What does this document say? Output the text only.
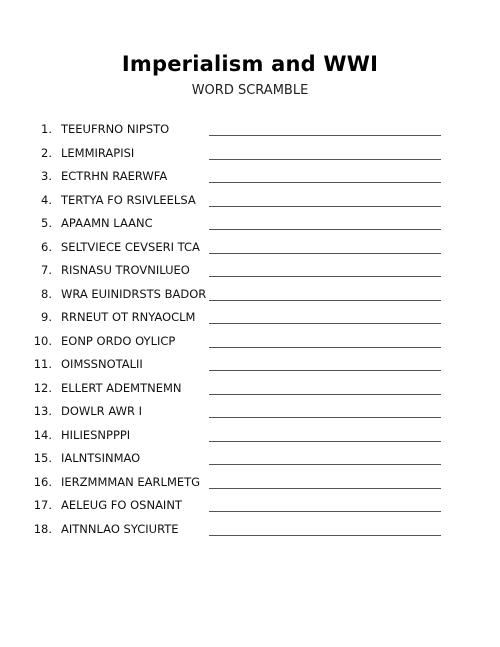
Imperialism and WWI
WORD SCRAMBLE
1. TEEUFRNO NIPSTO
2. LEMMIRAPISI
3. ECTRHN RAERWFA
4. TERTYA FO RSIVLEELSA
5. APAAMN LAANC
6. SELTVIECE CEVSERI TCA
7. RISNASU TROVNILUEO
8. WRA EUINIDRSTS BADOR
9. RRNEUT OT RNYAOCLM
10. EONP ORDO OYLICP
11. OIMSSNOTALII
12. ELLERT ADEMTNEMN
13. DOWLR AWR I
14. HILIESNPPPI
15. IALNTSINMAO
16. IERZMMMAN EARLMETG
17. AELEUG FO OSNAINT
18. AITNNLAO SYCIURTE
